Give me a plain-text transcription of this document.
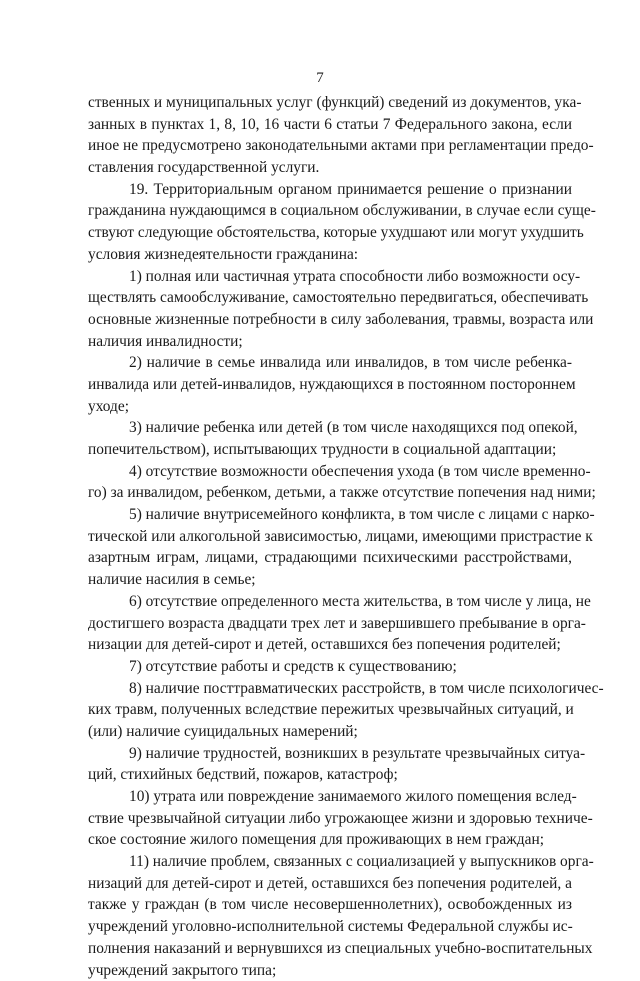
7
ственных и муниципальных услуг (функций) сведений из документов, ука-
занных в пунктах 1, 8, 10, 16 части 6 статьи 7 Федерального закона, если
иное не предусмотрено законодательными актами при регламентации предо-
ставления государственной услуги.
19. Территориальным органом принимается решение о признании
гражданина нуждающимся в социальном обслуживании, в случае если суще-
ствуют следующие обстоятельства, которые ухудшают или могут ухудшить
условия жизнедеятельности гражданина:
1) полная или частичная утрата способности либо возможности осу-
ществлять самообслуживание, самостоятельно передвигаться, обеспечивать
основные жизненные потребности в силу заболевания, травмы, возраста или
наличия инвалидности;
2) наличие в семье инвалида или инвалидов, в том числе ребенка-
инвалида или детей-инвалидов, нуждающихся в постоянном постороннем
уходе;
3) наличие ребенка или детей (в том числе находящихся под опекой,
попечительством), испытывающих трудности в социальной адаптации;
4) отсутствие возможности обеспечения ухода (в том числе временно-
го) за инвалидом, ребенком, детьми, а также отсутствие попечения над ними;
5) наличие внутрисемейного конфликта, в том числе с лицами с нарко-
тической или алкогольной зависимостью, лицами, имеющими пристрастие к
азартным играм, лицами, страдающими психическими расстройствами,
наличие насилия в семье;
6) отсутствие определенного места жительства, в том числе у лица, не
достигшего возраста двадцати трех лет и завершившего пребывание в орга-
низации для детей-сирот и детей, оставшихся без попечения родителей;
7) отсутствие работы и средств к существованию;
8) наличие посттравматических расстройств, в том числе психологичес-
ких травм, полученных вследствие пережитых чрезвычайных ситуаций, и
(или) наличие суицидальных намерений;
9) наличие трудностей, возникших в результате чрезвычайных ситуа-
ций, стихийных бедствий, пожаров, катастроф;
10) утрата или повреждение занимаемого жилого помещения вслед-
ствие чрезвычайной ситуации либо угрожающее жизни и здоровью техниче-
ское состояние жилого помещения для проживающих в нем граждан;
11) наличие проблем, связанных с социализацией у выпускников орга-
низаций для детей-сирот и детей, оставшихся без попечения родителей, а
также у граждан (в том числе несовершеннолетних), освобожденных из
учреждений уголовно-исполнительной системы Федеральной службы ис-
полнения наказаний и вернувшихся из специальных учебно-воспитательных
учреждений закрытого типа;
